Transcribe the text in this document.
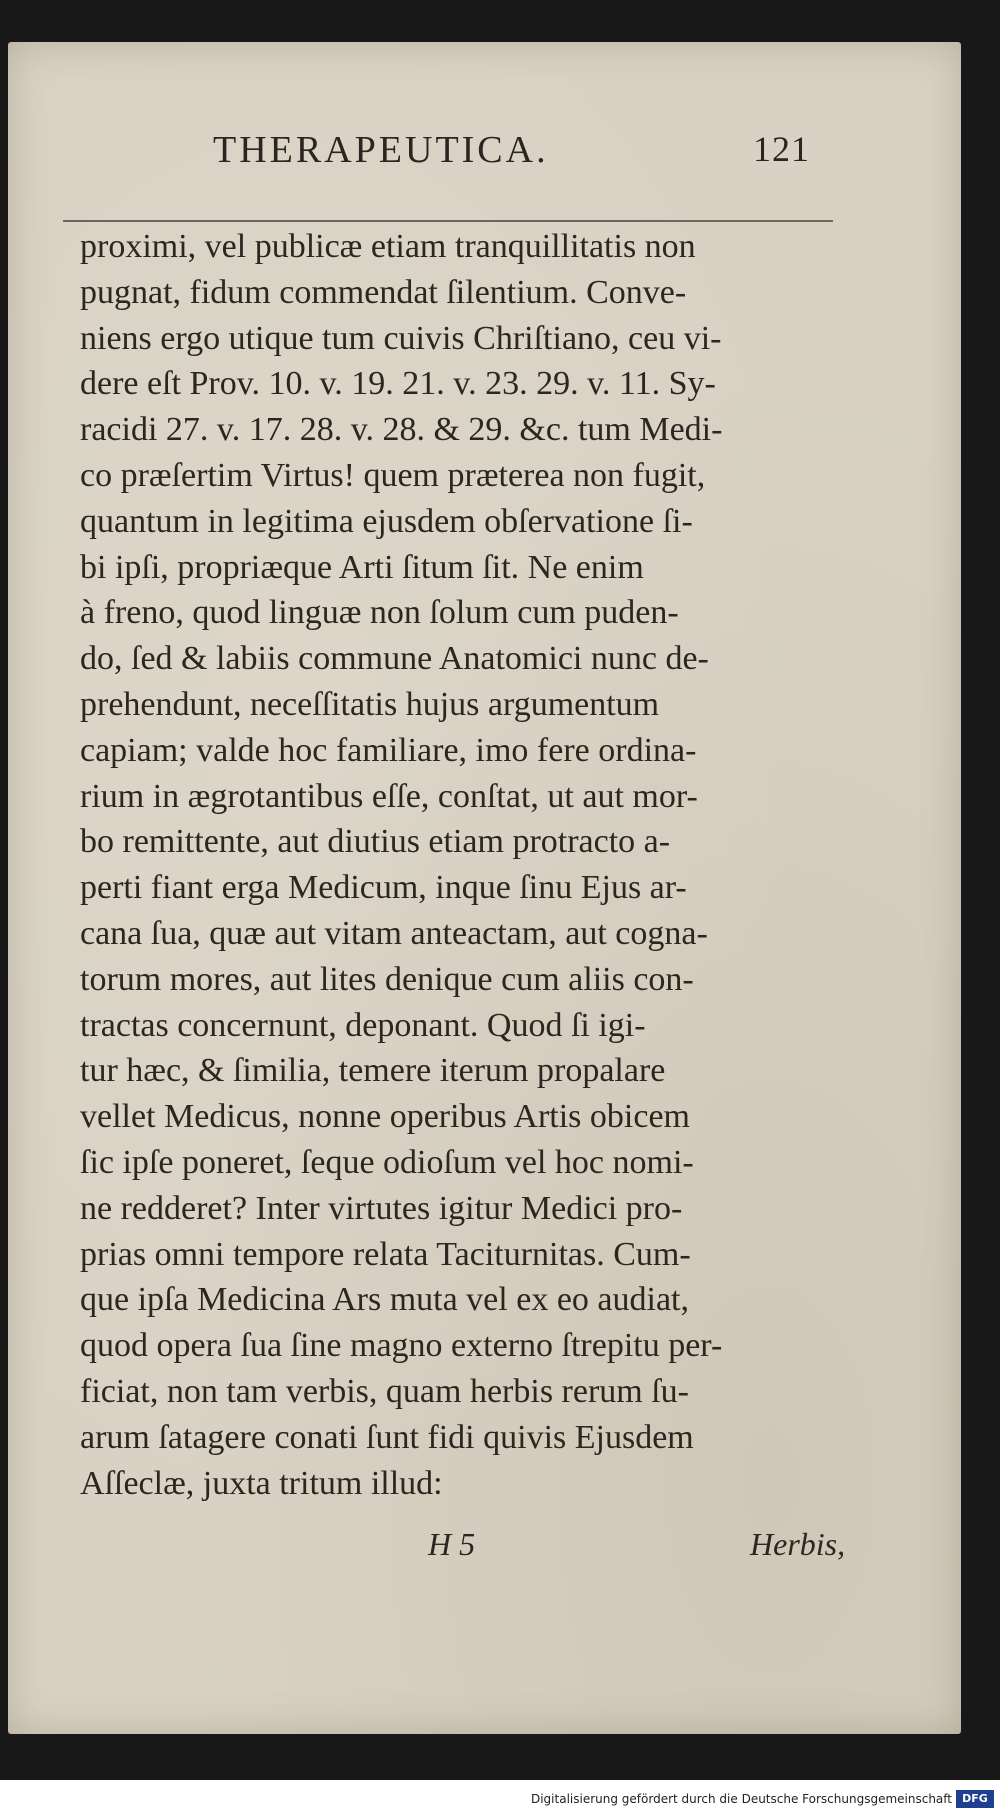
THERAPEUTICA.	121
proximi, vel publicæ etiam tranquillitatis non
pugnat, fidum commendat ſilentium. Conve-
niens ergo utique tum cuivis Chriſtiano, ceu vi-
dere eſt Prov. 10. v. 19. 21. v. 23. 29. v. 11. Sy-
racidi 27. v. 17. 28. v. 28. & 29. &c. tum Medi-
co præſertim Virtus! quem præterea non fugit,
quantum in legitima ejusdem obſervatione ſi-
bi ipſi, propriæque Arti ſitum ſit. Ne enim
à freno, quod linguæ non ſolum cum puden-
do, ſed & labiis commune Anatomici nunc de-
prehendunt, neceſſitatis hujus argumentum
capiam; valde hoc familiare, imo fere ordina-
rium in ægrotantibus eſſe, conſtat, ut aut mor-
bo remittente, aut diutius etiam protracto a-
perti fiant erga Medicum, inque ſinu Ejus ar-
cana ſua, quæ aut vitam anteactam, aut cogna-
torum mores, aut lites denique cum aliis con-
tractas concernunt, deponant. Quod ſi igi-
tur hæc, & ſimilia, temere iterum propalare
vellet Medicus, nonne operibus Artis obicem
ſic ipſe poneret, ſeque odioſum vel hoc nomi-
ne redderet? Inter virtutes igitur Medici pro-
prias omni tempore relata Taciturnitas. Cum-
que ipſa Medicina Ars muta vel ex eo audiat,
quod opera ſua ſine magno externo ſtrepitu per-
ficiat, non tam verbis, quam herbis rerum ſu-
arum ſatagere conati ſunt fidi quivis Ejusdem
Aſſeclæ, juxta tritum illud:
H 5	Herbis,
Digitalisierung gefördert durch die Deutsche Forschungsgemeinschaft DFG
